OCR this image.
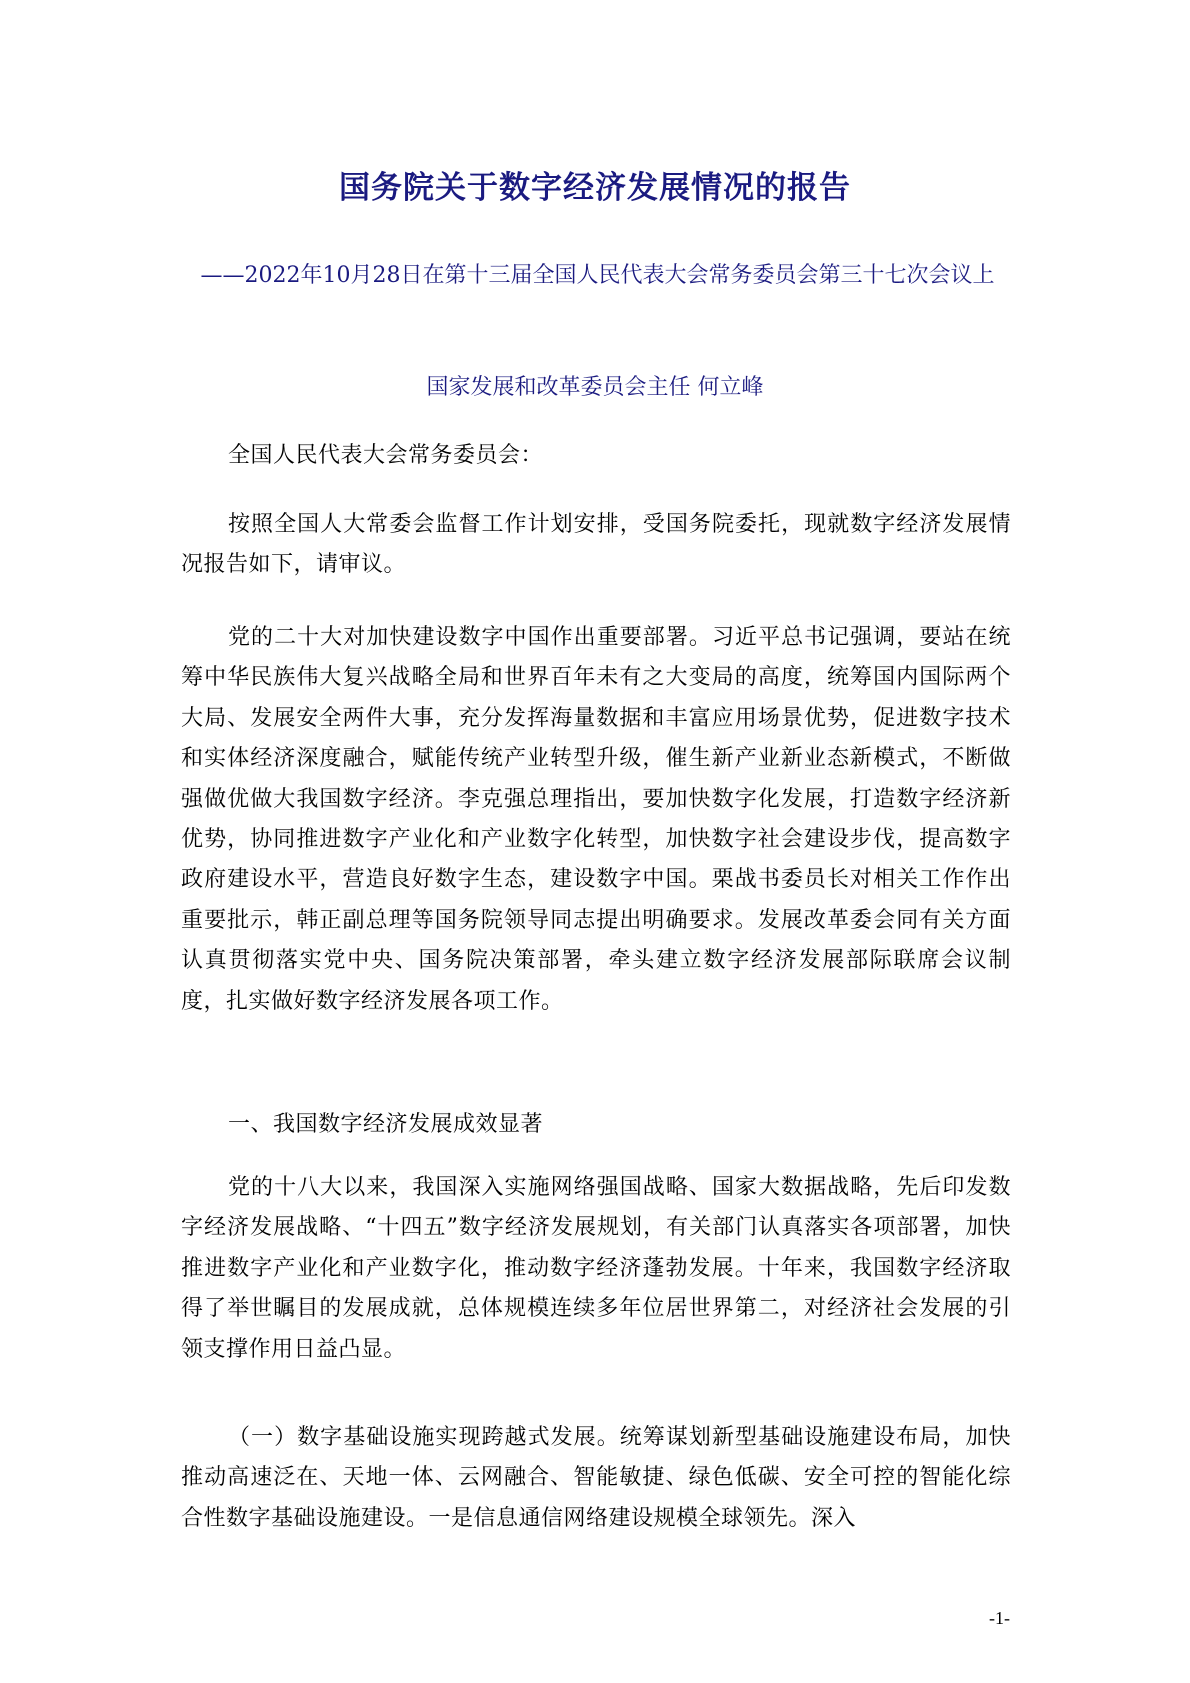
国务院关于数字经济发展情况的报告

——2022年10月28日在第十三届全国人民代表大会常务委员会第三十七次会议上

国家发展和改革委员会主任 何立峰

全国人民代表大会常务委员会：

按照全国人大常委会监督工作计划安排，受国务院委托，现就数字经济发展情况报告如下，请审议。

党的二十大对加快建设数字中国作出重要部署。习近平总书记强调，要站在统筹中华民族伟大复兴战略全局和世界百年未有之大变局的高度，统筹国内国际两个大局、发展安全两件大事，充分发挥海量数据和丰富应用场景优势，促进数字技术和实体经济深度融合，赋能传统产业转型升级，催生新产业新业态新模式，不断做强做优做大我国数字经济。李克强总理指出，要加快数字化发展，打造数字经济新优势，协同推进数字产业化和产业数字化转型，加快数字社会建设步伐，提高数字政府建设水平，营造良好数字生态，建设数字中国。栗战书委员长对相关工作作出重要批示，韩正副总理等国务院领导同志提出明确要求。发展改革委会同有关方面认真贯彻落实党中央、国务院决策部署，牵头建立数字经济发展部际联席会议制度，扎实做好数字经济发展各项工作。

一、我国数字经济发展成效显著

党的十八大以来，我国深入实施网络强国战略、国家大数据战略，先后印发数字经济发展战略、“十四五”数字经济发展规划，有关部门认真落实各项部署，加快推进数字产业化和产业数字化，推动数字经济蓬勃发展。十年来，我国数字经济取得了举世瞩目的发展成就，总体规模连续多年位居世界第二，对经济社会发展的引领支撑作用日益凸显。

（一）数字基础设施实现跨越式发展。统筹谋划新型基础设施建设布局，加快推动高速泛在、天地一体、云网融合、智能敏捷、绿色低碳、安全可控的智能化综合性数字基础设施建设。一是信息通信网络建设规模全球领先。深入

-1-
